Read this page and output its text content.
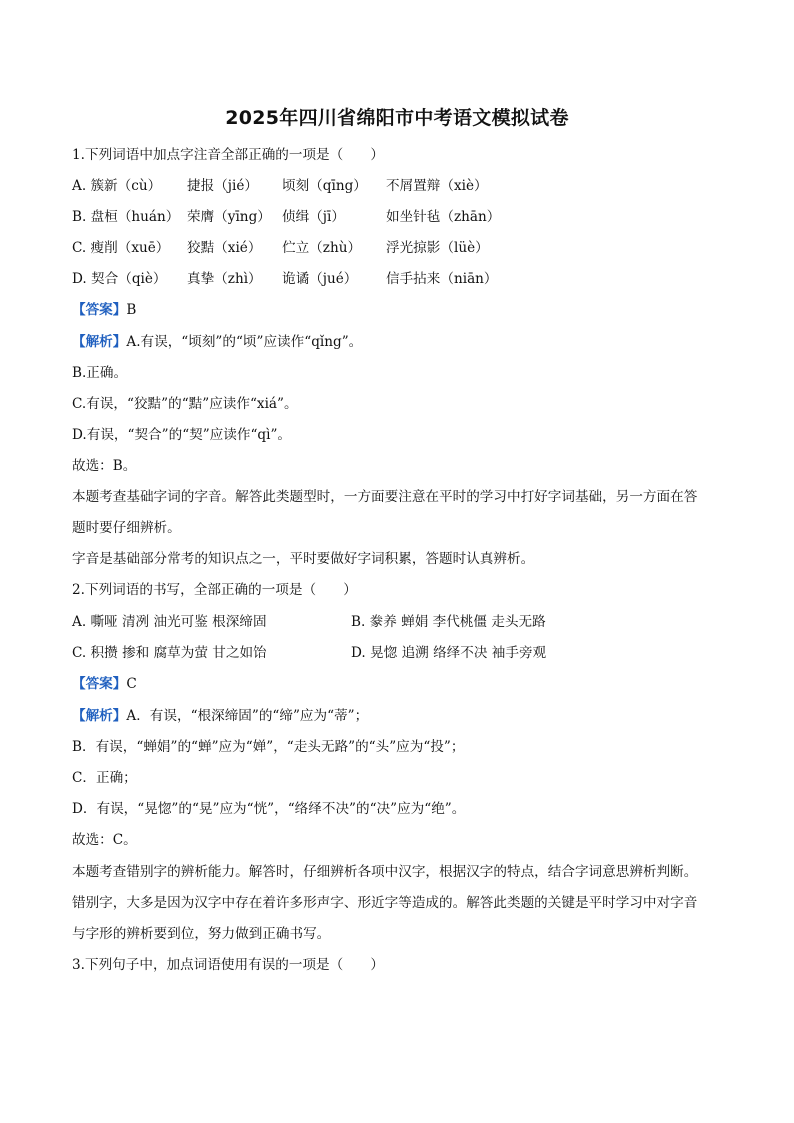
2025年四川省绵阳市中考语文模拟试卷
1.下列词语中加点字注音全部正确的一项是（　　）
A. 簇新（cù） 捷报（jié） 顷刻（qīng） 不屑置辩（xiè）
B. 盘桓（huán） 荣膺（yīng） 侦缉（jī）	如坐针毡（zhān）
C. 瘦削（xuē） 狡黠（xié） 伫立（zhù） 浮光掠影（lüè）
D. 契合（qiè） 真挚（zhì） 诡谲（jué） 信手拈来（niān）
【答案】B
【解析】A.有误，“顷刻”的“顷”应读作“qǐng”。
B.正确。
C.有误，“狡黠”的“黠”应读作“xiá”。
D.有误，“契合”的“契”应读作“qì”。
故选：B。
本题考查基础字词的字音。解答此类题型时，一方面要注意在平时的学习中打好字词基础，另一方面在答
题时要仔细辨析。
字音是基础部分常考的知识点之一，平时要做好字词积累，答题时认真辨析。
2.下列词语的书写，全部正确的一项是（　　）
A. 嘶哑 清冽 油光可鉴 根深缔固	B. 豢养 蝉娟 李代桃僵 走头无路
C. 积攒 掺和 腐草为萤 甘之如饴	D. 晃惚 追溯 络绎不决 袖手旁观
【答案】C
【解析】A．有误，“根深缔固”的“缔”应为“蒂”；
B．有误，“蝉娟”的“蝉”应为“婵”，“走头无路”的“头”应为“投”；
C．正确；
D．有误，“晃惚”的“晃”应为“恍”，“络绎不决”的“决”应为“绝”。
故选：C。
本题考查错别字的辨析能力。解答时，仔细辨析各项中汉字，根据汉字的特点，结合字词意思辨析判断。
错别字，大多是因为汉字中存在着许多形声字、形近字等造成的。解答此类题的关键是平时学习中对字音
与字形的辨析要到位，努力做到正确书写。
3.下列句子中，加点词语使用有误的一项是（　　）
